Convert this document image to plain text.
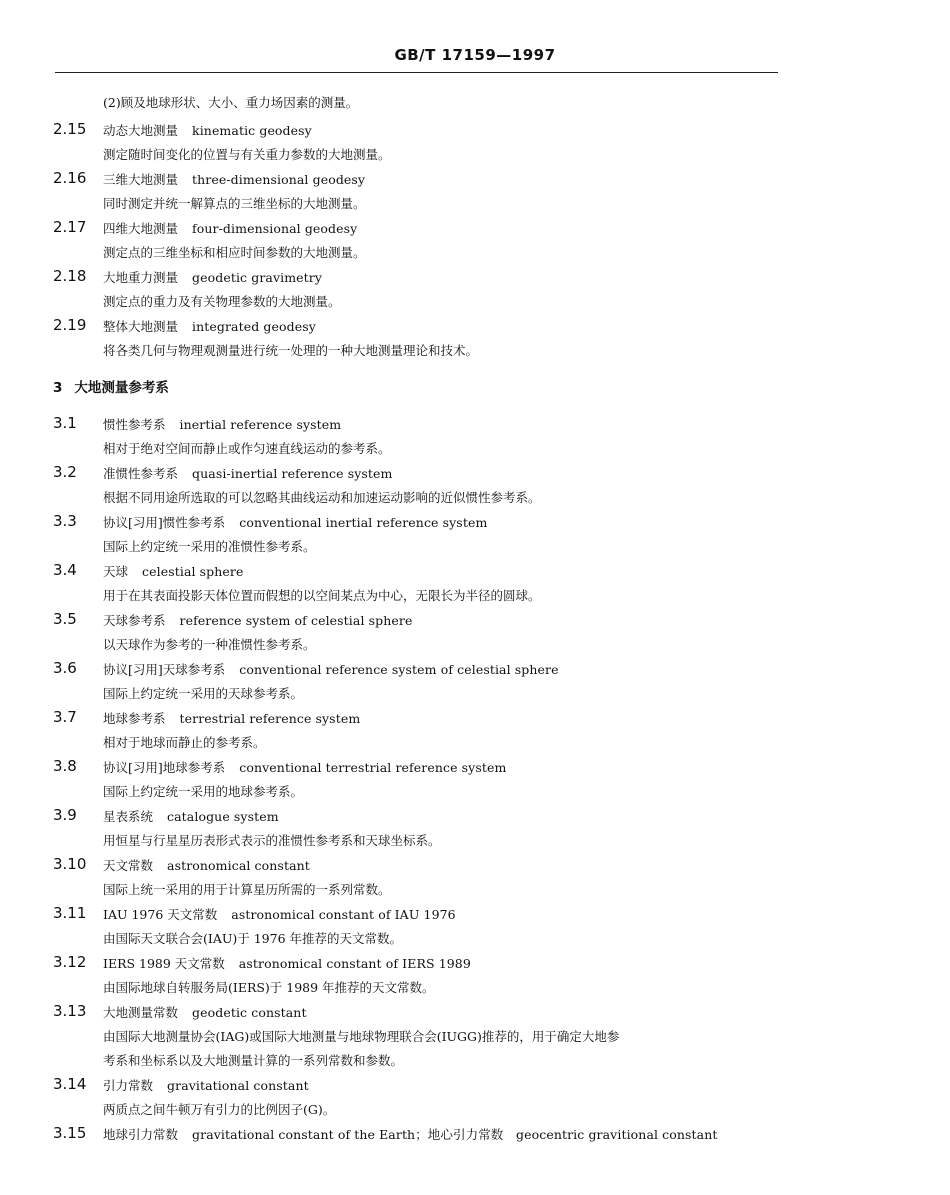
GB/T 17159—1997
(2)顾及地球形状、大小、重力场因素的测量。
2.15 动态大地测量 kinematic geodesy
测定随时间变化的位置与有关重力参数的大地测量。
2.16 三维大地测量 three-dimensional geodesy
同时测定并统一解算点的三维坐标的大地测量。
2.17 四维大地测量 four-dimensional geodesy
测定点的三维坐标和相应时间参数的大地测量。
2.18 大地重力测量 geodetic gravimetry
测定点的重力及有关物理参数的大地测量。
2.19 整体大地测量 integrated geodesy
将各类几何与物理观测量进行统一处理的一种大地测量理论和技术。
3 大地测量参考系
3.1 惯性参考系 inertial reference system
相对于绝对空间而静止或作匀速直线运动的参考系。
3.2 准惯性参考系 quasi-inertial reference system
根据不同用途所选取的可以忽略其曲线运动和加速运动影响的近似惯性参考系。
3.3 协议[习用]惯性参考系 conventional inertial reference system
国际上约定统一采用的准惯性参考系。
3.4 天球 celestial sphere
用于在其表面投影天体位置而假想的以空间某点为中心，无限长为半径的圆球。
3.5 天球参考系 reference system of celestial sphere
以天球作为参考的一种准惯性参考系。
3.6 协议[习用]天球参考系 conventional reference system of celestial sphere
国际上约定统一采用的天球参考系。
3.7 地球参考系 terrestrial reference system
相对于地球而静止的参考系。
3.8 协议[习用]地球参考系 conventional terrestrial reference system
国际上约定统一采用的地球参考系。
3.9 星表系统 catalogue system
用恒星与行星星历表形式表示的准惯性参考系和天球坐标系。
3.10 天文常数 astronomical constant
国际上统一采用的用于计算星历所需的一系列常数。
3.11 IAU 1976 天文常数 astronomical constant of IAU 1976
由国际天文联合会(IAU)于 1976 年推荐的天文常数。
3.12 IERS 1989 天文常数 astronomical constant of IERS 1989
由国际地球自转服务局(IERS)于 1989 年推荐的天文常数。
3.13 大地测量常数 geodetic constant
由国际大地测量协会(IAG)或国际大地测量与地球物理联合会(IUGG)推荐的，用于确定大地参
考系和坐标系以及大地测量计算的一系列常数和参数。
3.14 引力常数 gravitational constant
两质点之间牛顿万有引力的比例因子(G)。
3.15 地球引力常数 gravitational constant of the Earth；地心引力常数　geocentric gravitional constant
